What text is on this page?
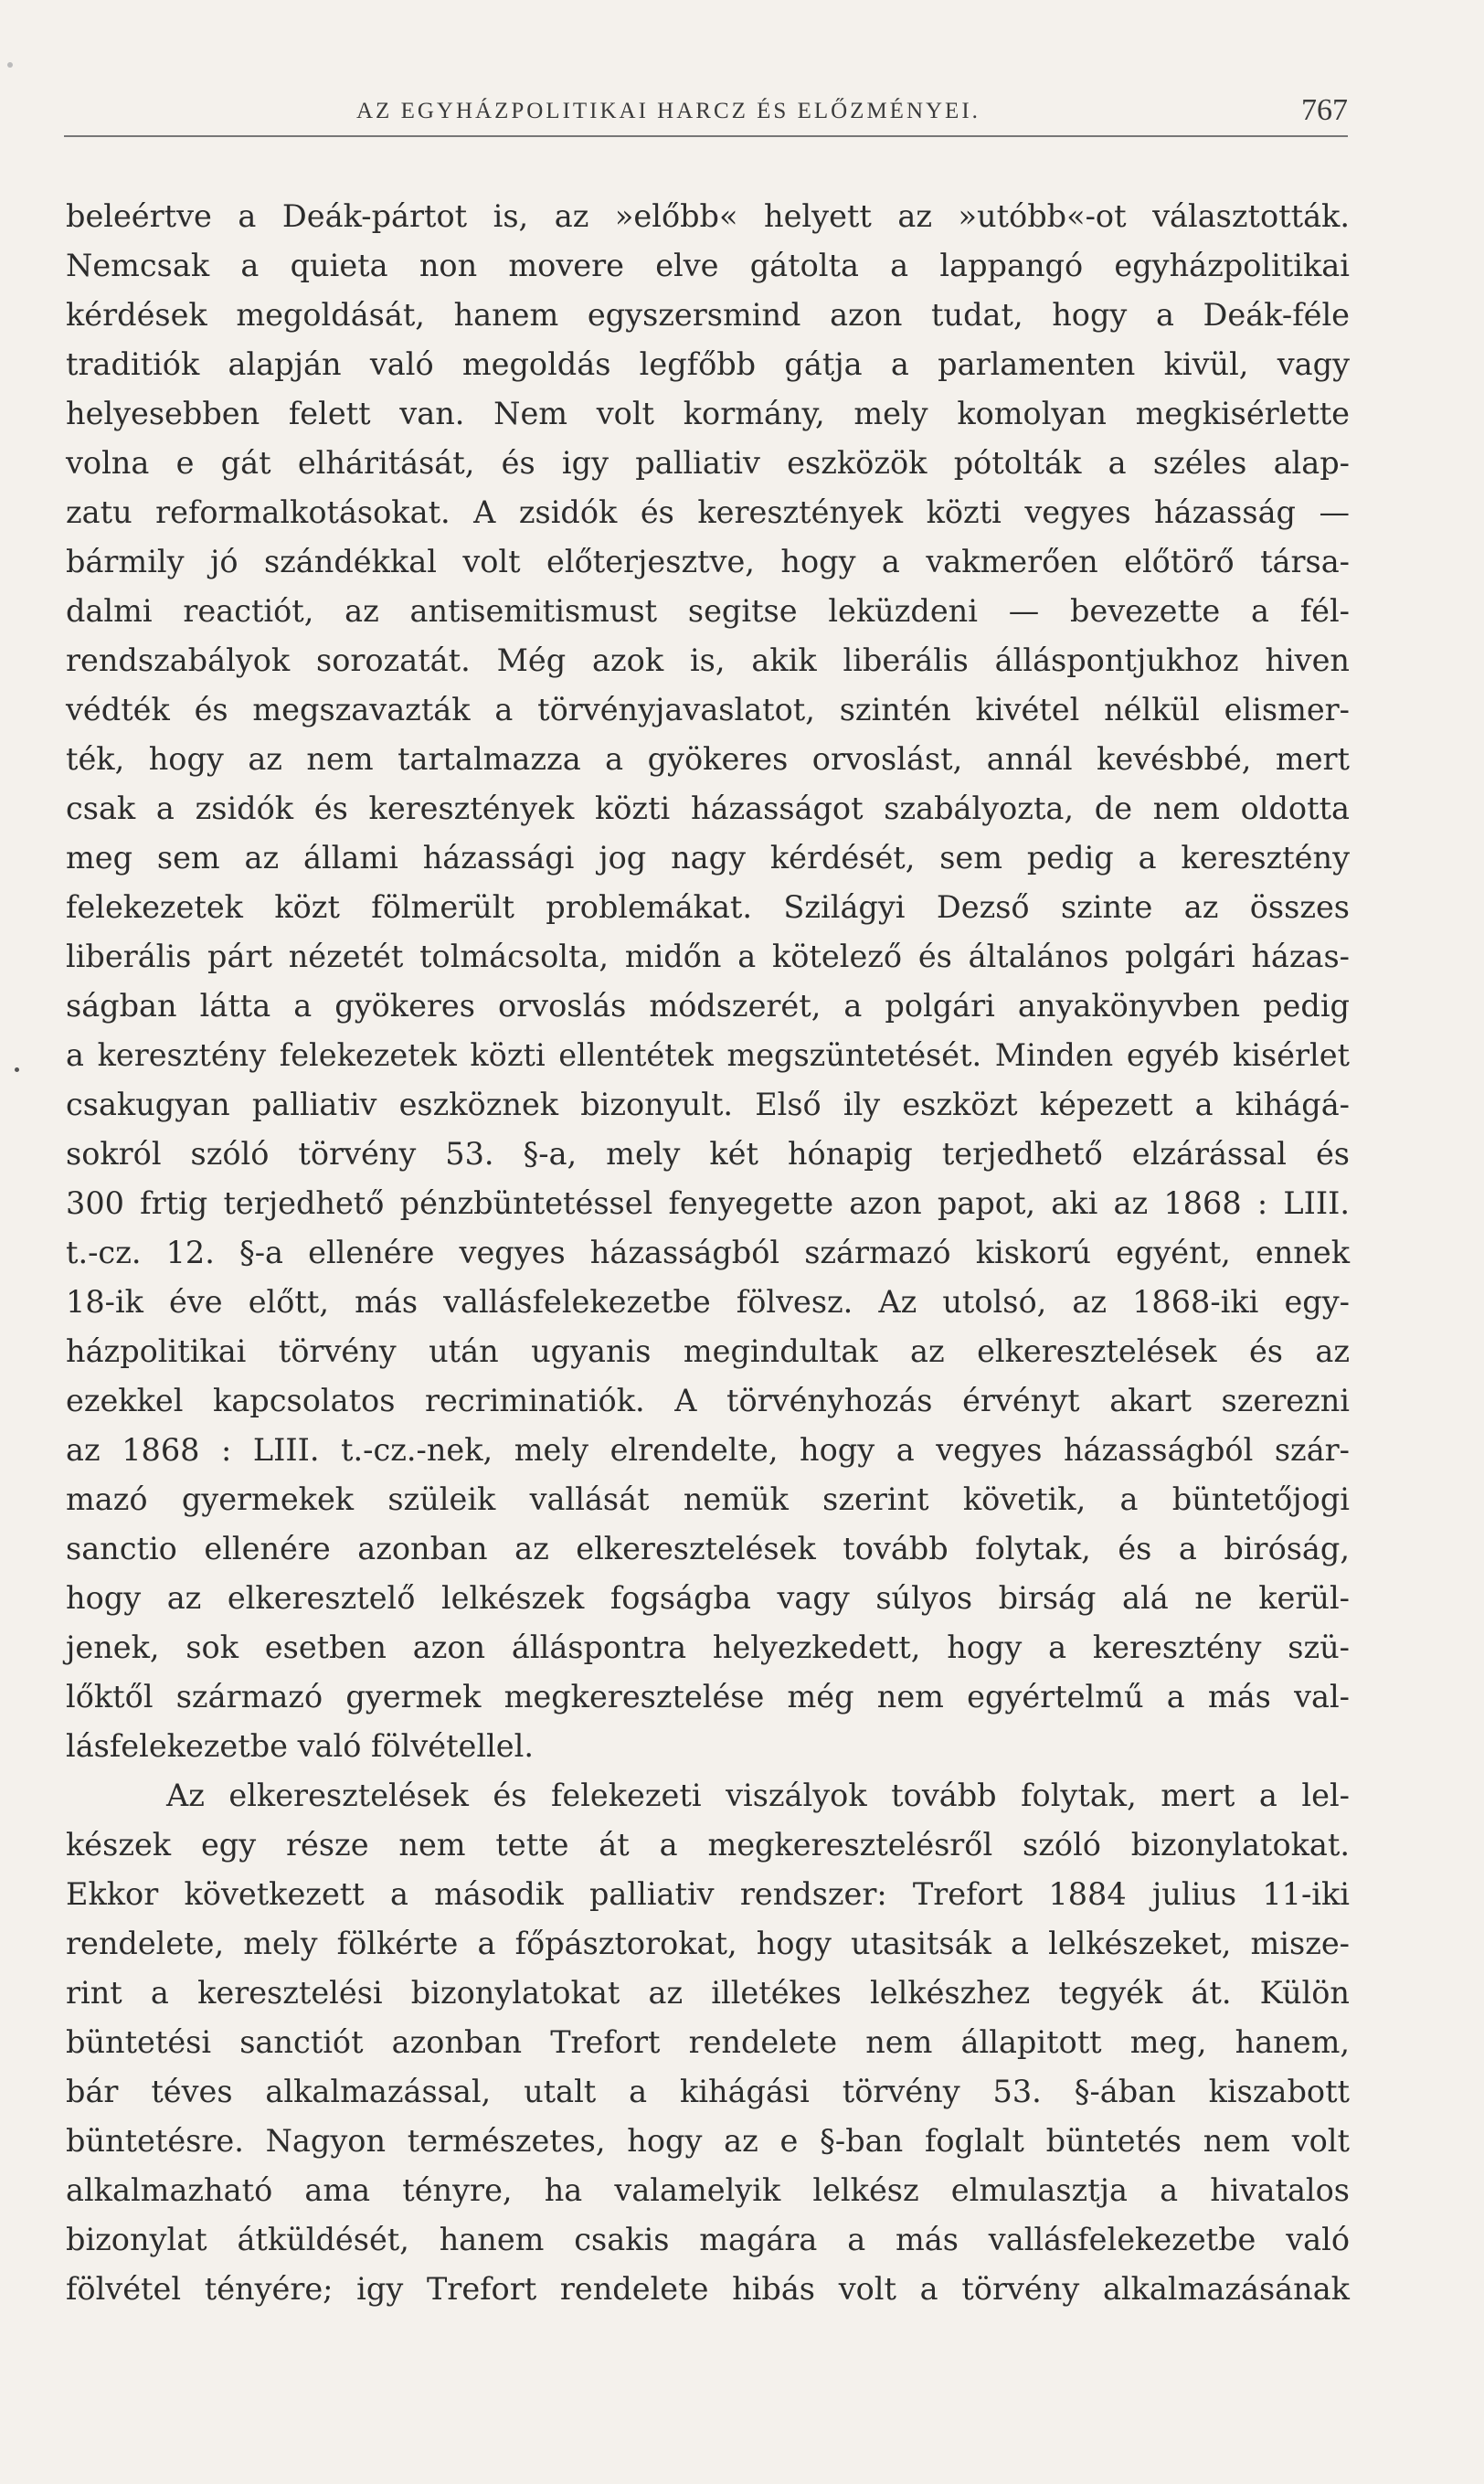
AZ EGYHÁZPOLITIKAI HARCZ ÉS ELŐZMÉNYEI.	767
beleértve a Deák-pártot is, az »előbb« helyett az »utóbb«-ot választották.
Nemcsak a quieta non movere elve gátolta a lappangó egyházpolitikai
kérdések megoldását, hanem egyszersmind azon tudat, hogy a Deák-féle
traditiók alapján való megoldás legfőbb gátja a parlamenten kivül, vagy
helyesebben felett van. Nem volt kormány, mely komolyan megkisérlette
volna e gát elháritását, és igy palliativ eszközök pótolták a széles alap-
zatu reformalkotásokat. A zsidók és keresztények közti vegyes házasság —
bármily jó szándékkal volt előterjesztve, hogy a vakmerően előtörő társa-
dalmi reactiót, az antisemitismust segitse leküzdeni — bevezette a fél-
rendszabályok sorozatát. Még azok is, akik liberális álláspontjukhoz hiven
védték és megszavazták a törvényjavaslatot, szintén kivétel nélkül elismer-
ték, hogy az nem tartalmazza a gyökeres orvoslást, annál kevésbbé, mert
csak a zsidók és keresztények közti házasságot szabályozta, de nem oldotta
meg sem az állami házassági jog nagy kérdését, sem pedig a keresztény
felekezetek közt fölmerült problemákat. Szilágyi Dezső szinte az összes
liberális párt nézetét tolmácsolta, midőn a kötelező és általános polgári házas-
ságban látta a gyökeres orvoslás módszerét, a polgári anyakönyvben pedig
a keresztény felekezetek közti ellentétek megszüntetését. Minden egyéb kisérlet
csakugyan palliativ eszköznek bizonyult. Első ily eszközt képezett a kihágá-
sokról szóló törvény 53. §-a, mely két hónapig terjedhető elzárással és
300 frtig terjedhető pénzbüntetéssel fenyegette azon papot, aki az 1868 : LIII.
t.-cz. 12. §-a ellenére vegyes házasságból származó kiskorú egyént, ennek
18-ik éve előtt, más vallásfelekezetbe fölvesz. Az utolsó, az 1868-iki egy-
házpolitikai törvény után ugyanis megindultak az elkeresztelések és az
ezekkel kapcsolatos recriminatiók. A törvényhozás érvényt akart szerezni
az 1868 : LIII. t.-cz.-nek, mely elrendelte, hogy a vegyes házasságból szár-
mazó gyermekek szüleik vallását nemük szerint követik, a büntetőjogi
sanctio ellenére azonban az elkeresztelések tovább folytak, és a biróság,
hogy az elkeresztelő lelkészek fogságba vagy súlyos birság alá ne kerül-
jenek, sok esetben azon álláspontra helyezkedett, hogy a keresztény szü-
lőktől származó gyermek megkeresztelése még nem egyértelmű a más val-
lásfelekezetbe való fölvétellel.
Az elkeresztelések és felekezeti viszályok tovább folytak, mert a lel-
készek egy része nem tette át a megkeresztelésről szóló bizonylatokat.
Ekkor következett a második palliativ rendszer: Trefort 1884 julius 11-iki
rendelete, mely fölkérte a főpásztorokat, hogy utasitsák a lelkészeket, misze-
rint a keresztelési bizonylatokat az illetékes lelkészhez tegyék át. Külön
büntetési sanctiót azonban Trefort rendelete nem állapitott meg, hanem,
bár téves alkalmazással, utalt a kihágási törvény 53. §-ában kiszabott
büntetésre. Nagyon természetes, hogy az e §-ban foglalt büntetés nem volt
alkalmazható ama tényre, ha valamelyik lelkész elmulasztja a hivatalos
bizonylat átküldését, hanem csakis magára a más vallásfelekezetbe való
fölvétel tényére; igy Trefort rendelete hibás volt a törvény alkalmazásának
